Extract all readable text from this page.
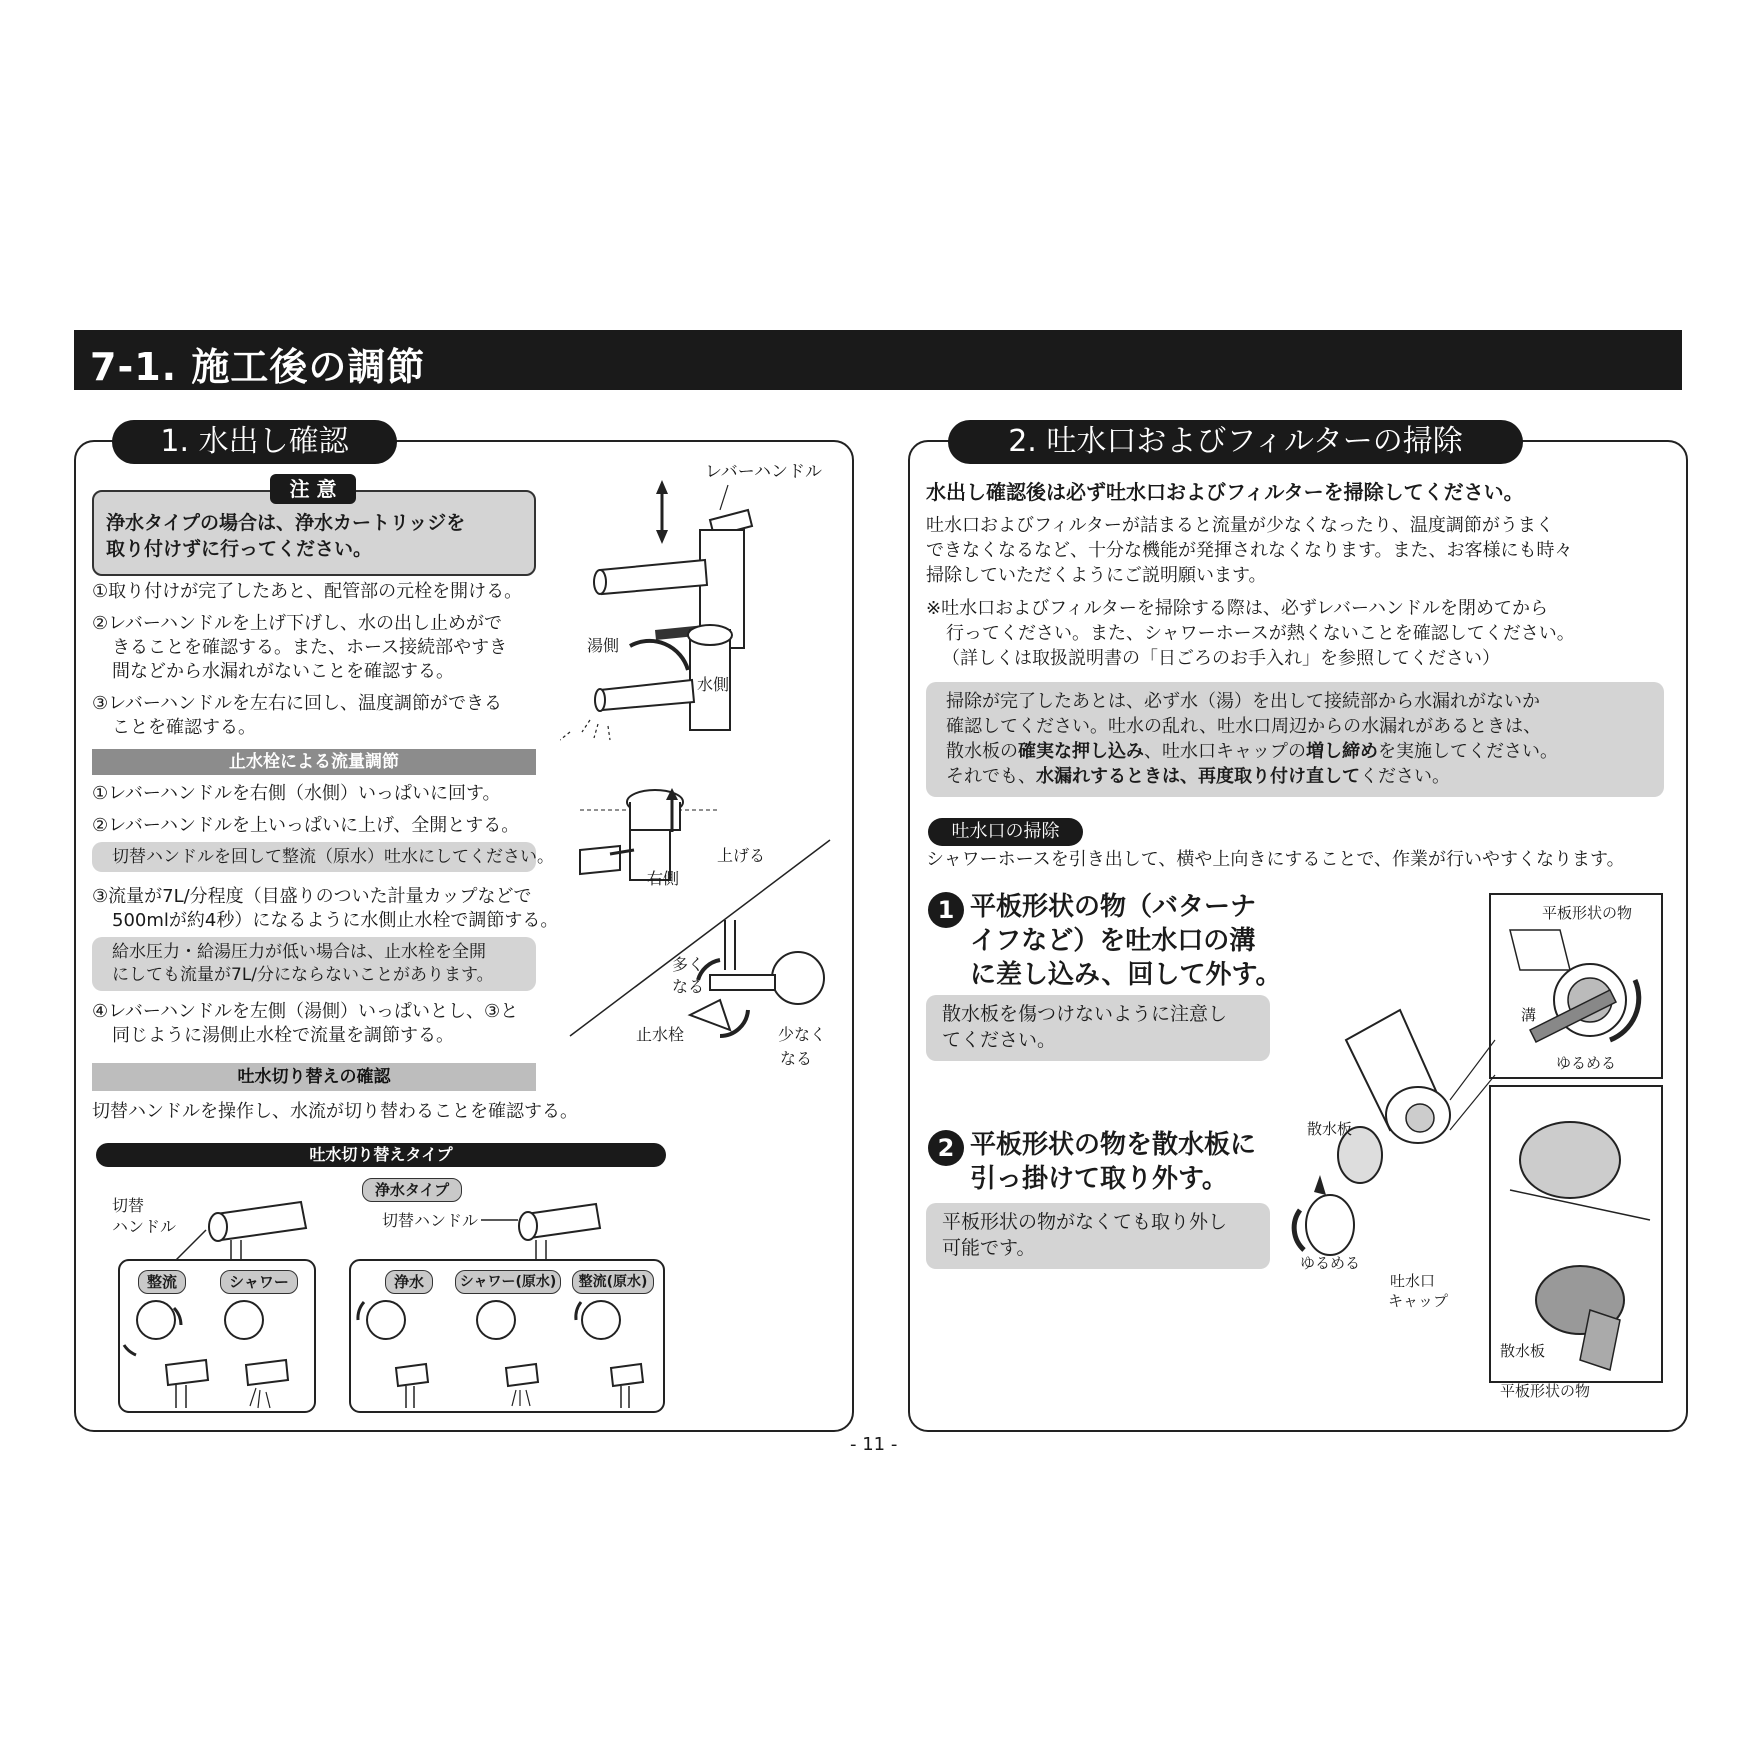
7-1. 施工後の調節
1. 水出し確認
注 意
浄水タイプの場合は、浄水カートリッジを
取り付けずに行ってください。
①取り付けが完了したあと、配管部の元栓を開ける。
②レバーハンドルを上げ下げし、水の出し止めがで
きることを確認する。また、ホース接続部やすき
間などから水漏れがないことを確認する。
③レバーハンドルを左右に回し、温度調節ができる
ことを確認する。
止水栓による流量調節
①レバーハンドルを右側（水側）いっぱいに回す。
②レバーハンドルを上いっぱいに上げ、全開とする。
切替ハンドルを回して整流（原水）吐水にしてください。
③流量が7L/分程度（目盛りのついた計量カップなどで
500mlが約4秒）になるように水側止水栓で調節する。
給水圧力・給湯圧力が低い場合は、止水栓を全開
にしても流量が7L/分にならないことがあります。
④レバーハンドルを左側（湯側）いっぱいとし、③と
同じように湯側止水栓で流量を調節する。
吐水切り替えの確認
切替ハンドルを操作し、水流が切り替わることを確認する。
吐水切り替えタイプ
切替
ハンドル
浄水タイプ
切替ハンドル
整流	シャワー	浄水	シャワー(原水)	整流(原水)
レバーハンドル
湯側
水側
上げる
右側
多く
なる
止水栓	少なく
なる
2. 吐水口およびフィルターの掃除
水出し確認後は必ず吐水口およびフィルターを掃除してください。
吐水口およびフィルターが詰まると流量が少なくなったり、温度調節がうまく
できなくなるなど、十分な機能が発揮されなくなります。また、お客様にも時々
掃除していただくようにご説明願います。
※吐水口およびフィルターを掃除する際は、必ずレバーハンドルを閉めてから
行ってください。また、シャワーホースが熱くないことを確認してください。
（詳しくは取扱説明書の「日ごろのお手入れ」を参照してください）
掃除が完了したあとは、必ず水（湯）を出して接続部から水漏れがないか
確認してください。吐水の乱れ、吐水口周辺からの水漏れがあるときは、
散水板の確実な押し込み、吐水口キャップの増し締めを実施してください。
それでも、水漏れするときは、再度取り付け直してください。
吐水口の掃除
シャワーホースを引き出して、横や上向きにすることで、作業が行いやすくなります。
1 平板形状の物（バターナ
イフなど）を吐水口の溝
に差し込み、回して外す。
散水板を傷つけないように注意し
てください。
2 平板形状の物を散水板に
引っ掛けて取り外す。
平板形状の物がなくても取り外し
可能です。
平板形状の物
溝
ゆるめる
散水板
ゆるめる
吐水口
キャップ
散水板
平板形状の物
- 11 -
